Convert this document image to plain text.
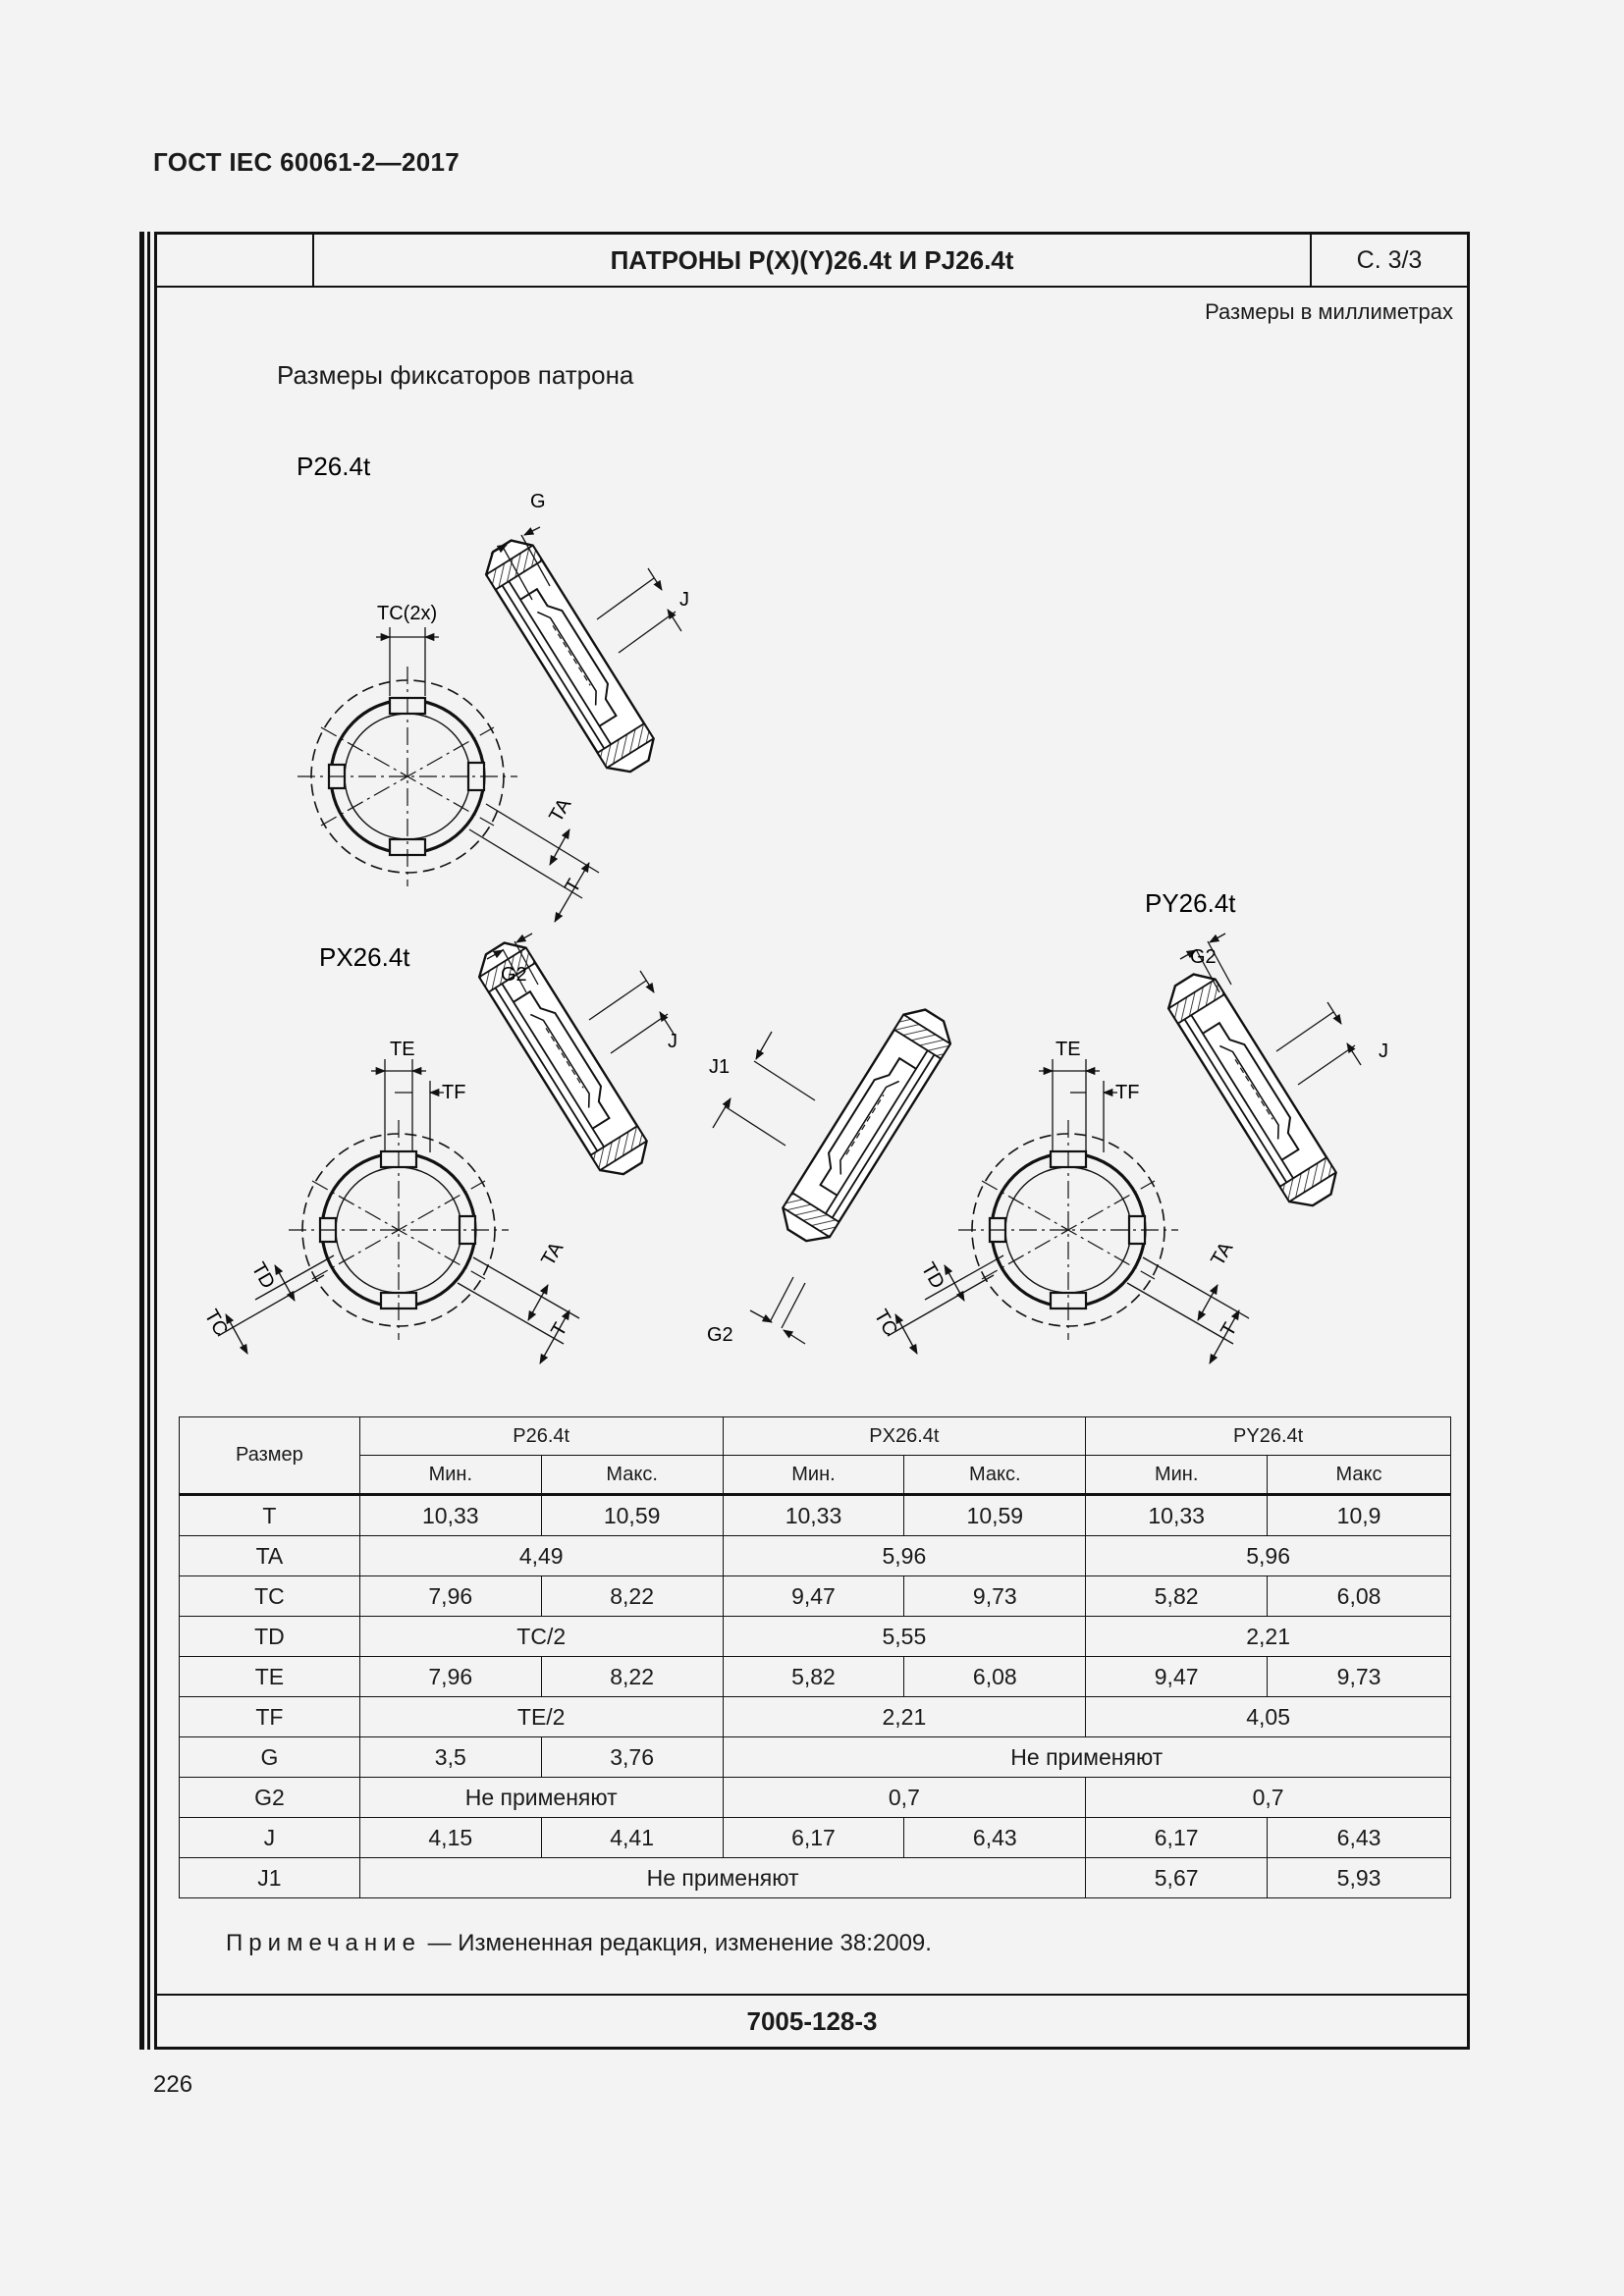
ГОСТ IEC 60061-2—2017
ПАТРОНЫ P(X)(Y)26.4t И PJ26.4t	С. 3/3
Размеры в миллиметрах
Размеры фиксаторов патрона
P26.4t
TC(2x)
TA
T
G
J
PX26.4t
TE
TF
TD
TC
TA
T
G2
J
J1
G2
PY26.4t
TE
TF
TD
TC
TA
T
G2
J
Размер	P26.4t		PX26.4t		PY26.4t	
	Мин.	Макс.	Мин.	Макс.	Мин.	Макс
T	10,33	10,59	10,33	10,59	10,33	10,9
TA	4,49		5,96		5,96	
TC	7,96	8,22	9,47	9,73	5,82	6,08
TD	TC/2		5,55		2,21	
TE	7,96	8,22	5,82	6,08	9,47	9,73
TF	TE/2		2,21		4,05	
G	3,5	3,76	Не применяют			
G2	Не применяют		0,7		0,7	
J	4,15	4,41	6,17	6,43	6,17	6,43
J1	Не применяют				5,67	5,93
Примечание — Измененная редакция, изменение 38:2009.
7005-128-3
226
